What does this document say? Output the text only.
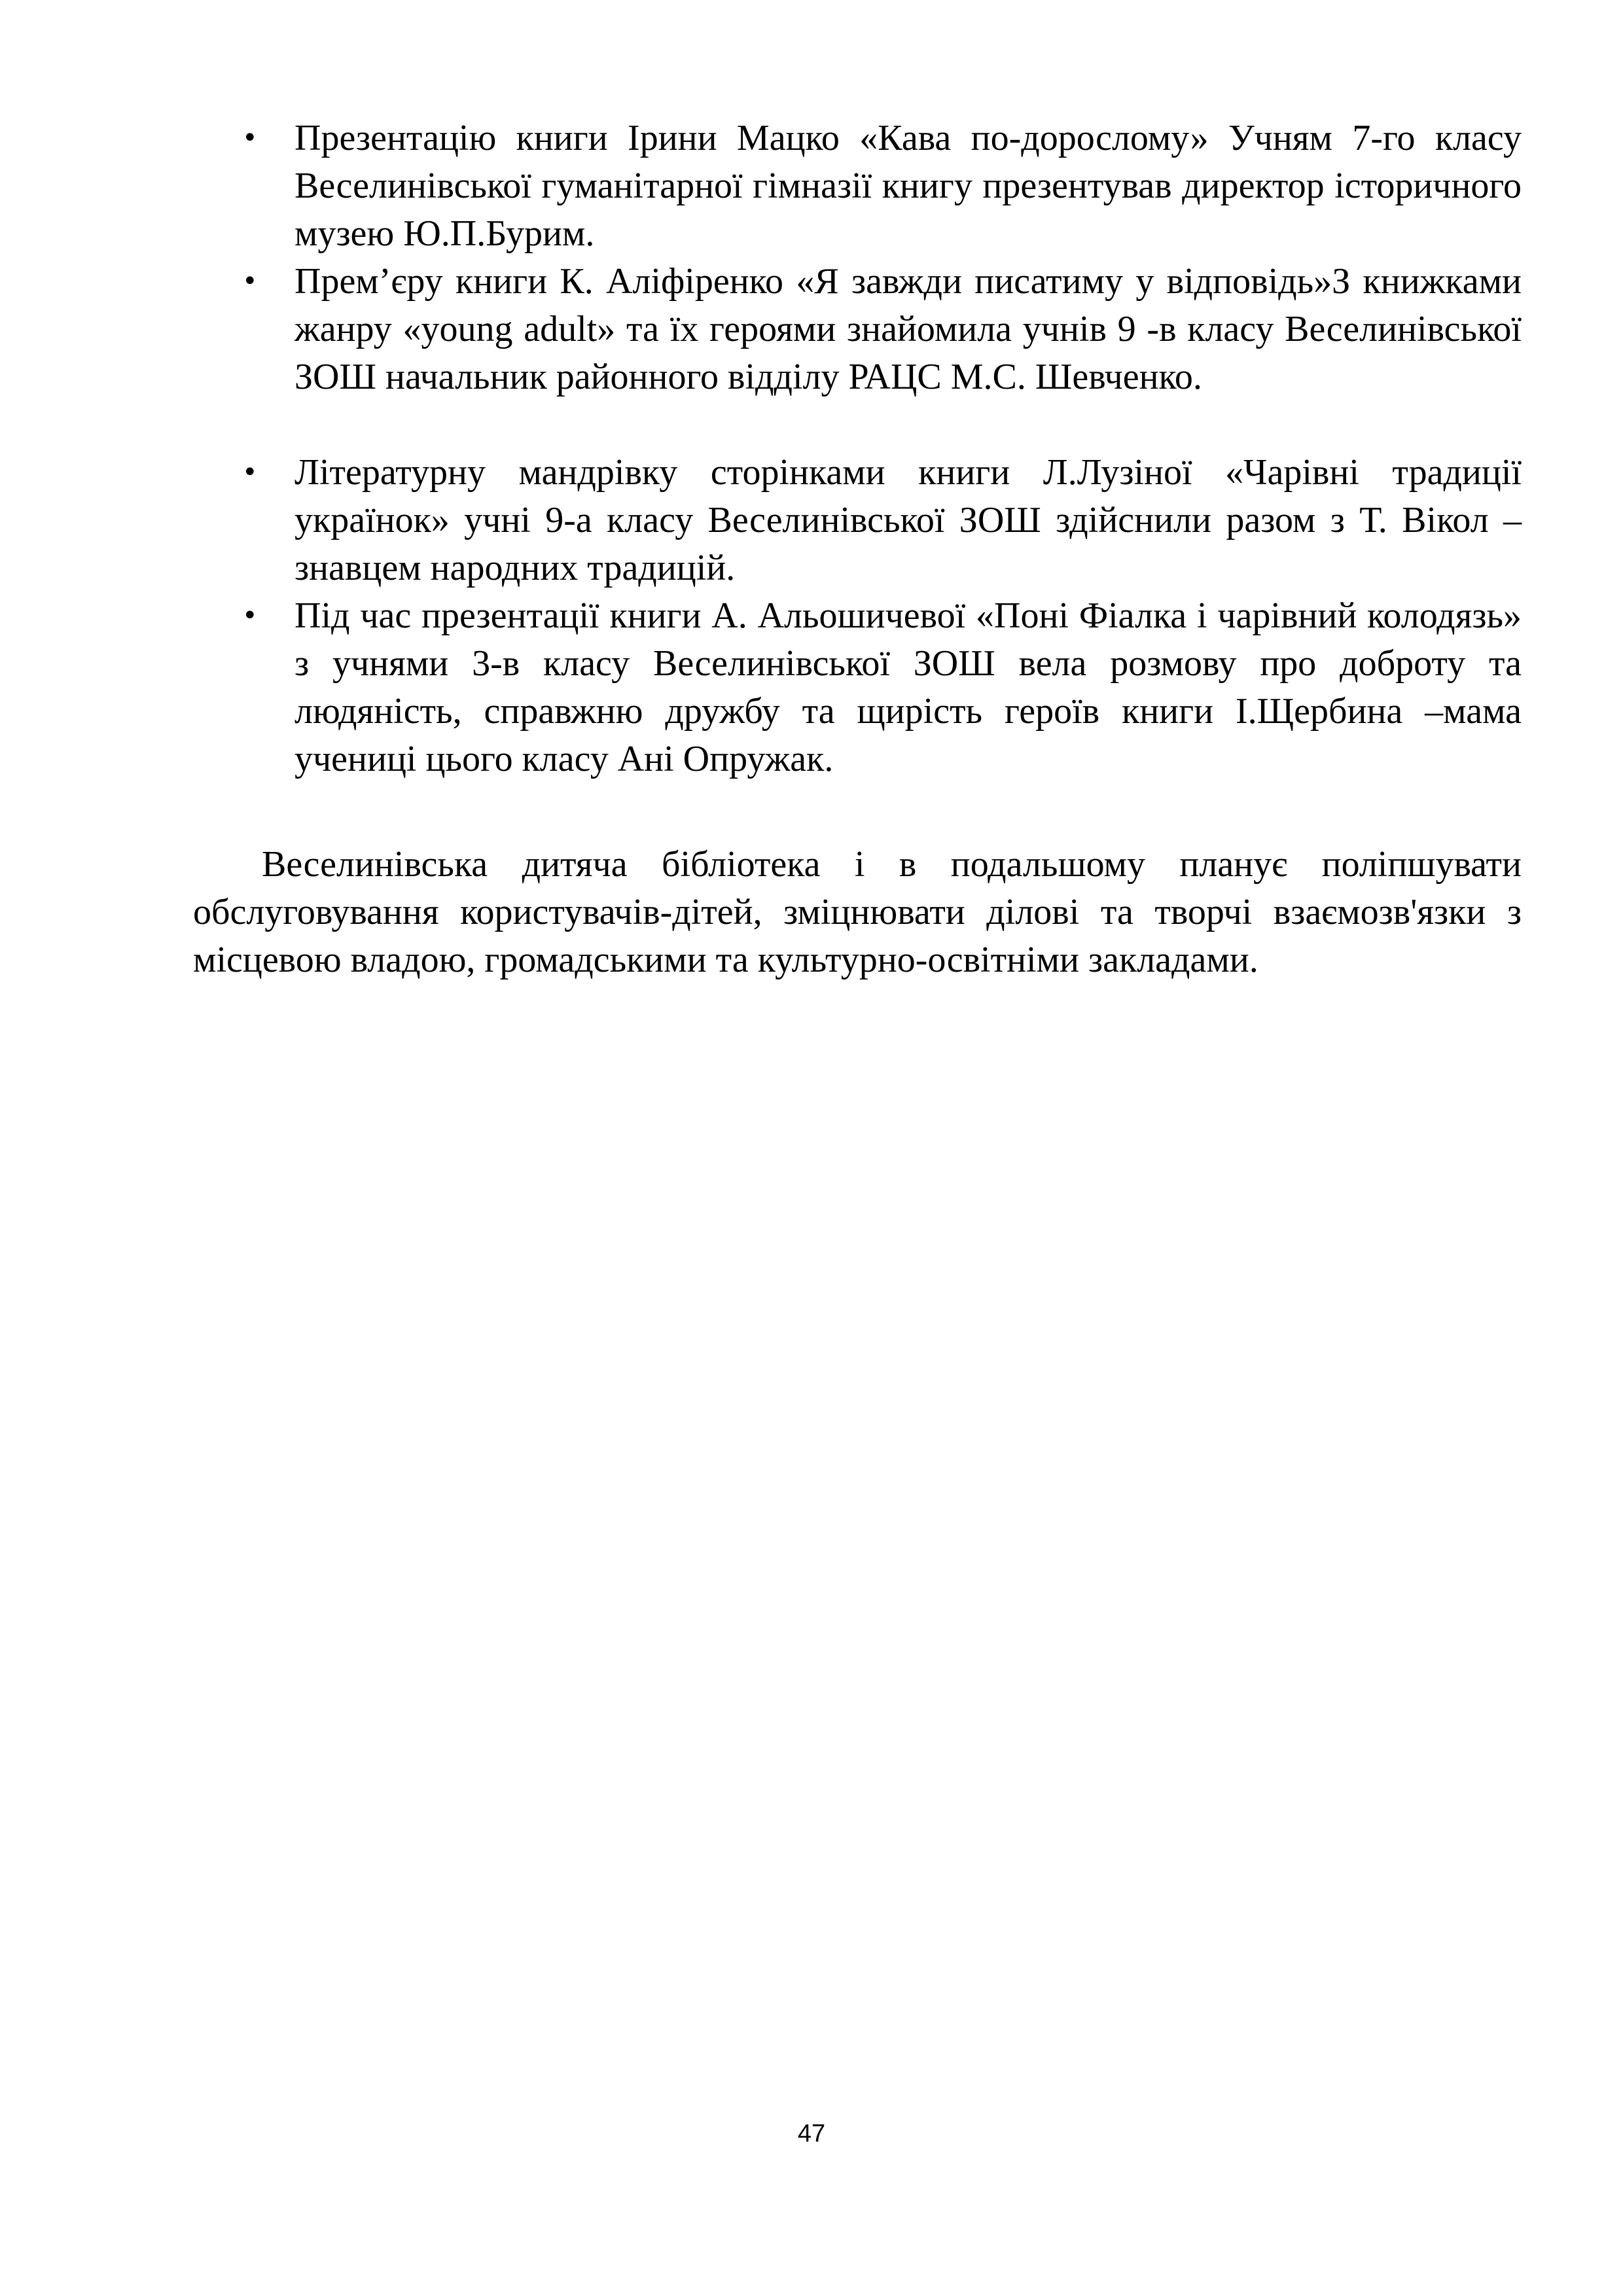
• Презентацію книги Ірини Мацко «Кава по-дорослому» Учням 7-го класу Веселинівської гуманітарної гімназії книгу презентував директор історичного музею Ю.П.Бурим.
• Прем’єру книги К. Аліфіренко «Я завжди писатиму у відповідь»З книжками жанру «young adult» та їх героями знайомила учнів 9 -в класу Веселинівської ЗОШ начальник районного відділу РАЦС М.С. Шевченко.
• Літературну мандрівку сторінками книги Л.Лузіної «Чарівні традиції українок» учні 9-а класу Веселинівської ЗОШ здійснили разом з Т. Вікол – знавцем народних традицій.
• Під час презентації книги А. Альошичевої «Поні Фіалка і чарівний колодязь» з учнями 3-в класу Веселинівської ЗОШ вела розмову про доброту та людяність, справжню дружбу та щирість героїв книги І.Щербина –мама учениці цього класу Ані Опружак.

Веселинівська дитяча бібліотека і в подальшому планує поліпшувати обслуговування користувачів-дітей, зміцнювати ділові та творчі взаємозв'язки з місцевою владою, громадськими та культурно-освітніми закладами.

47
